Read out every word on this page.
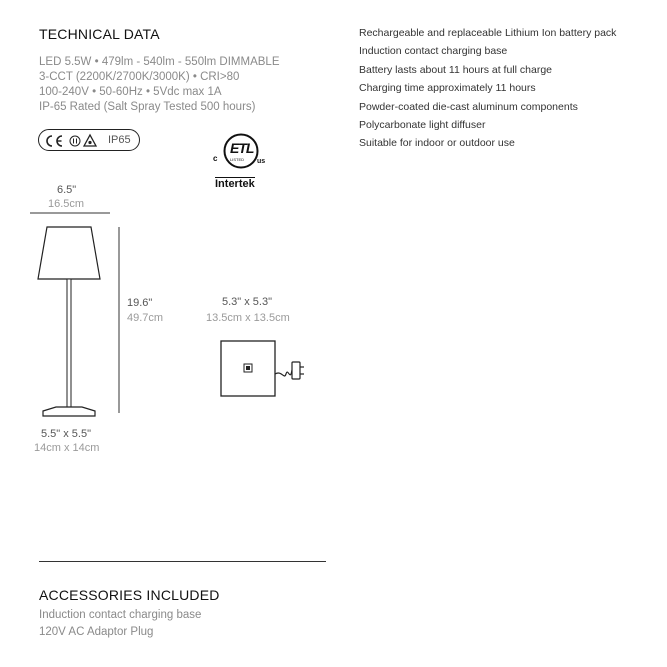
TECHNICAL DATA
LED 5.5W • 479lm - 540lm - 550lm DIMMABLE
3-CCT (2200K/2700K/3000K) • CRI>80
100-240V • 50-60Hz • 5Vdc max 1A
IP-65 Rated (Salt Spray Tested 500 hours)
Rechargeable and replaceable Lithium Ion battery pack
Induction contact charging base
Battery lasts about 11 hours at full charge
Charging time approximately 11 hours
Powder-coated die-cast aluminum components
Polycarbonate light diffuser
Suitable for indoor or outdoor use
IP65	ETL
LISTED
c	us
Intertek
6.5"
16.5cm
19.6"
49.7cm
5.5" x 5.5"
14cm x 14cm
5.3" x 5.3"
13.5cm x 13.5cm
ACCESSORIES INCLUDED
Induction contact charging base
120V AC Adaptor Plug
